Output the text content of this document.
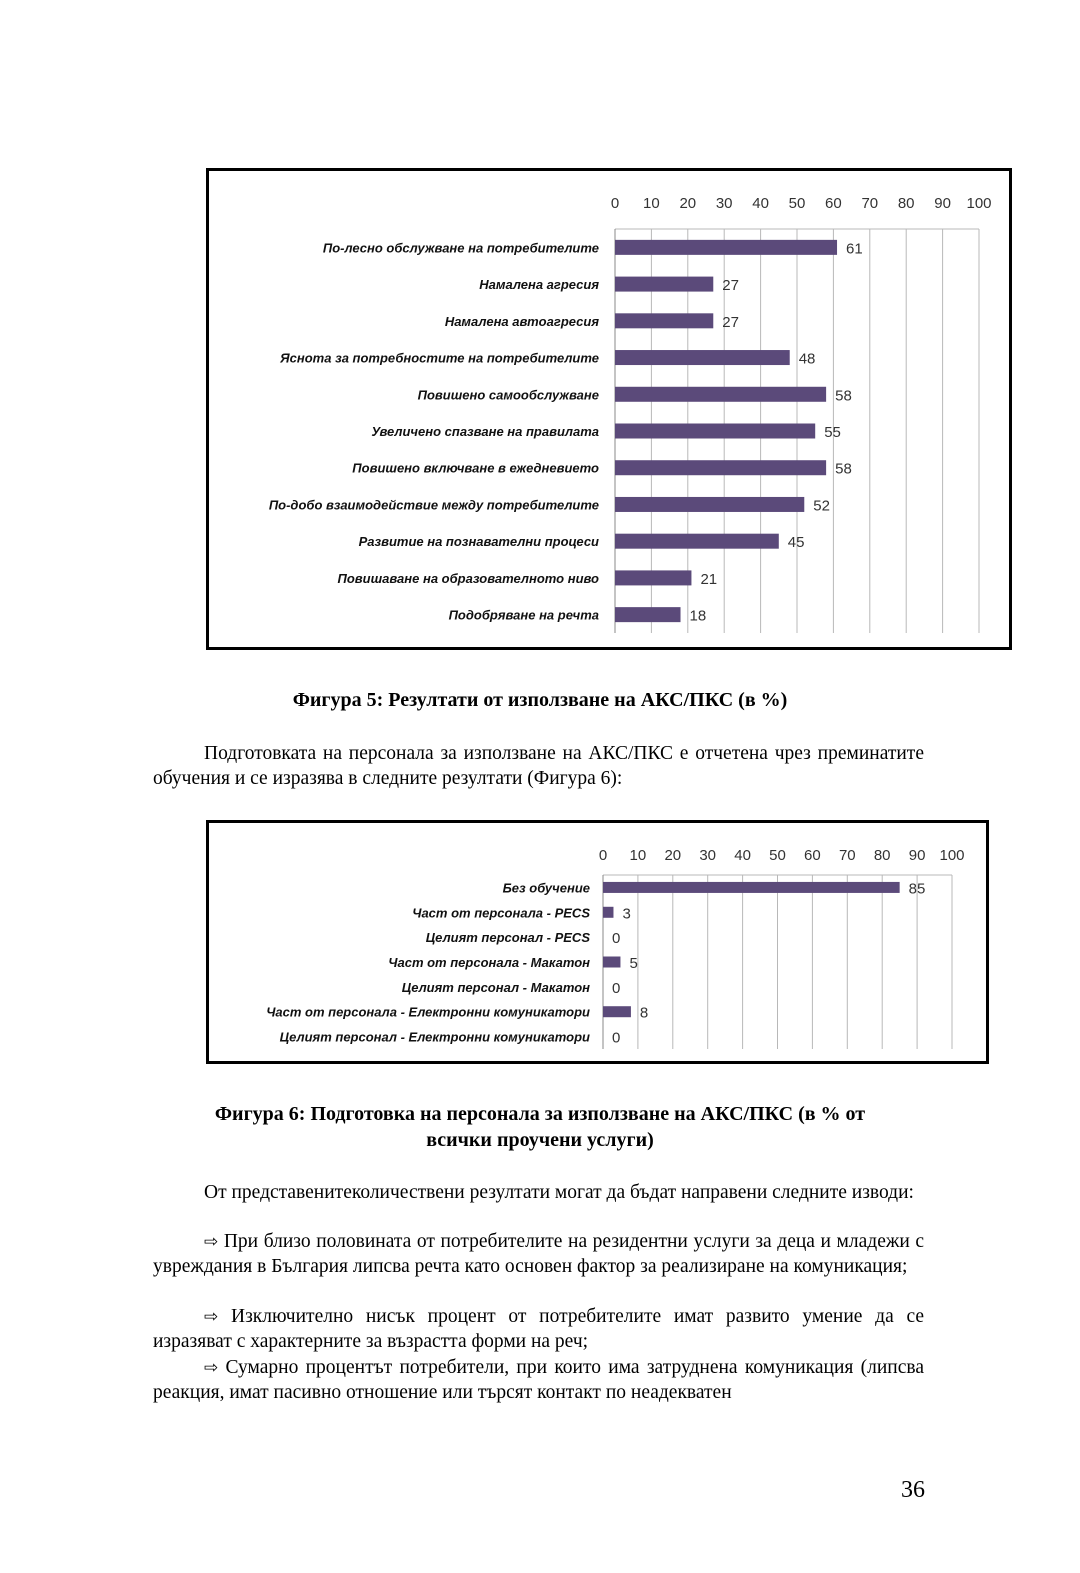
0 10 20 30 40 50 60 70 80 90 100
По-лесно обслужване на потребителите	61
Намалена агресия	27
Намалена автоагресия	27
Яснота за потребностите на потребителите	48
Повишено самообслужване	58
Увеличено спазване на правилата	55
Повишено включване в ежедневието	58
По-добо взаимодействие между потребителите	52
Развитие на познавателни процеси	45
Повишаване на образователното ниво	21
Подобряване на речта	18

Фигура 5: Резултати от използване на АКС/ПКС (в %)

Подготовката на персонала за използване на АКС/ПКС е отчетена чрез преминатите обучения и се изразява в следните резултати (Фигура 6):

0 10 20 30 40 50 60 70 80 90 100
Без обучение	85
Част от персонала - PECS 3
Целият персонал - PECS 0
Част от персонала - Макатон	5
Целият персонал - Макатон 0
Част от персонала - Електронни комуникатори	8
Целият персонал - Електронни комуникатори 0

Фигура 6: Подготовка на персонала за използване на АКС/ПКС (в % от
всички проучени услуги)

От представенитеколичествени резултати могат да бъдат направени следните изводи:

⇨ При близо половината от потребителите на резидентни услуги за деца и младежи с увреждания в България липсва речта като основен фактор за реализиране на комуникация;

⇨ Изключително нисък процент от потребителите имат развито умение да се изразяват с характерните за възрастта форми на реч;

⇨ Сумарно процентът потребители, при които има затруднена комуникация (липсва реакция, имат пасивно отношение или търсят контакт по неадекватен

36
